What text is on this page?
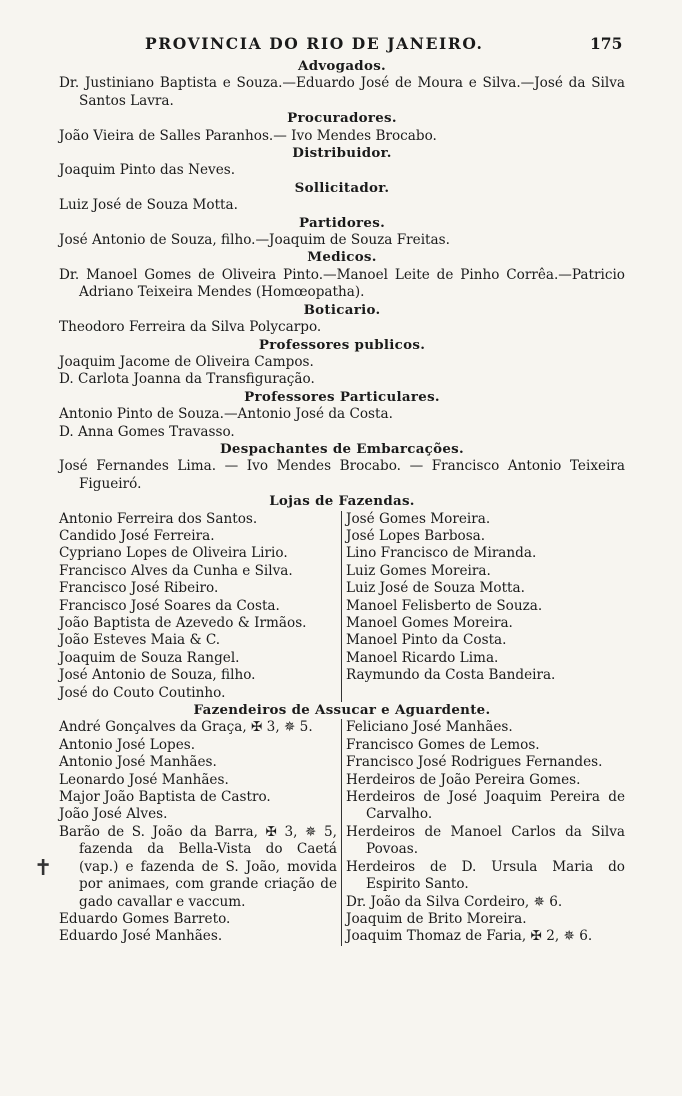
PROVINCIA DO RIO DE JANEIRO.	175
✝
Advogados.
Dr. Justiniano Baptista e Souza.—Eduardo José de Moura e Silva.—José da Silva Santos Lavra.
Procuradores.
João Vieira de Salles Paranhos.— Ivo Mendes Brocabo.
Distribuidor.
Joaquim Pinto das Neves.
Sollicitador.
Luiz José de Souza Motta.
Partidores.
José Antonio de Souza, filho.—Joaquim de Souza Freitas.
Medicos.
Dr. Manoel Gomes de Oliveira Pinto.—Manoel Leite de Pinho Corrêa.—Patricio Adriano Teixeira Mendes (Homœopatha).
Boticario.
Theodoro Ferreira da Silva Polycarpo.
Professores publicos.
Joaquim Jacome de Oliveira Campos.
D. Carlota Joanna da Transfiguração.
Professores Particulares.
Antonio Pinto de Souza.—Antonio José da Costa.
D. Anna Gomes Travasso.
Despachantes de Embarcações.
José Fernandes Lima. — Ivo Mendes Brocabo. — Francisco Antonio Teixeira Figueiró.
Lojas de Fazendas.
Antonio Ferreira dos Santos.
Candido José Ferreira.
Cypriano Lopes de Oliveira Lirio.
Francisco Alves da Cunha e Silva.
Francisco José Ribeiro.
Francisco José Soares da Costa.
João Baptista de Azevedo & Irmãos.
João Esteves Maia & C.
Joaquim de Souza Rangel.
José Antonio de Souza, filho.
José do Couto Coutinho.
José Gomes Moreira.
José Lopes Barbosa.
Lino Francisco de Miranda.
Luiz Gomes Moreira.
Luiz José de Souza Motta.
Manoel Felisberto de Souza.
Manoel Gomes Moreira.
Manoel Pinto da Costa.
Manoel Ricardo Lima.
Raymundo da Costa Bandeira.
Fazendeiros de Assucar e Aguardente.
André Gonçalves da Graça, ✠ 3, ✵ 5.
Antonio José Lopes.
Antonio José Manhães.
Leonardo José Manhães.
Major João Baptista de Castro.
João José Alves.
Barão de S. João da Barra, ✠ 3, ✵ 5, fazenda da Bella-Vista do Caetá (vap.) e fazenda de S. João, movida por animaes, com grande criação de gado cavallar e vaccum.
Eduardo Gomes Barreto.
Eduardo José Manhães.
Feliciano José Manhães.
Francisco Gomes de Lemos.
Francisco José Rodrigues Fernandes.
Herdeiros de João Pereira Gomes.
Herdeiros de José Joaquim Pereira de Carvalho.
Herdeiros de Manoel Carlos da Silva Povoas.
Herdeiros de D. Ursula Maria do Espirito Santo.
Dr. João da Silva Cordeiro, ✵ 6.
Joaquim de Brito Moreira.
Joaquim Thomaz de Faria, ✠ 2, ✵ 6.
